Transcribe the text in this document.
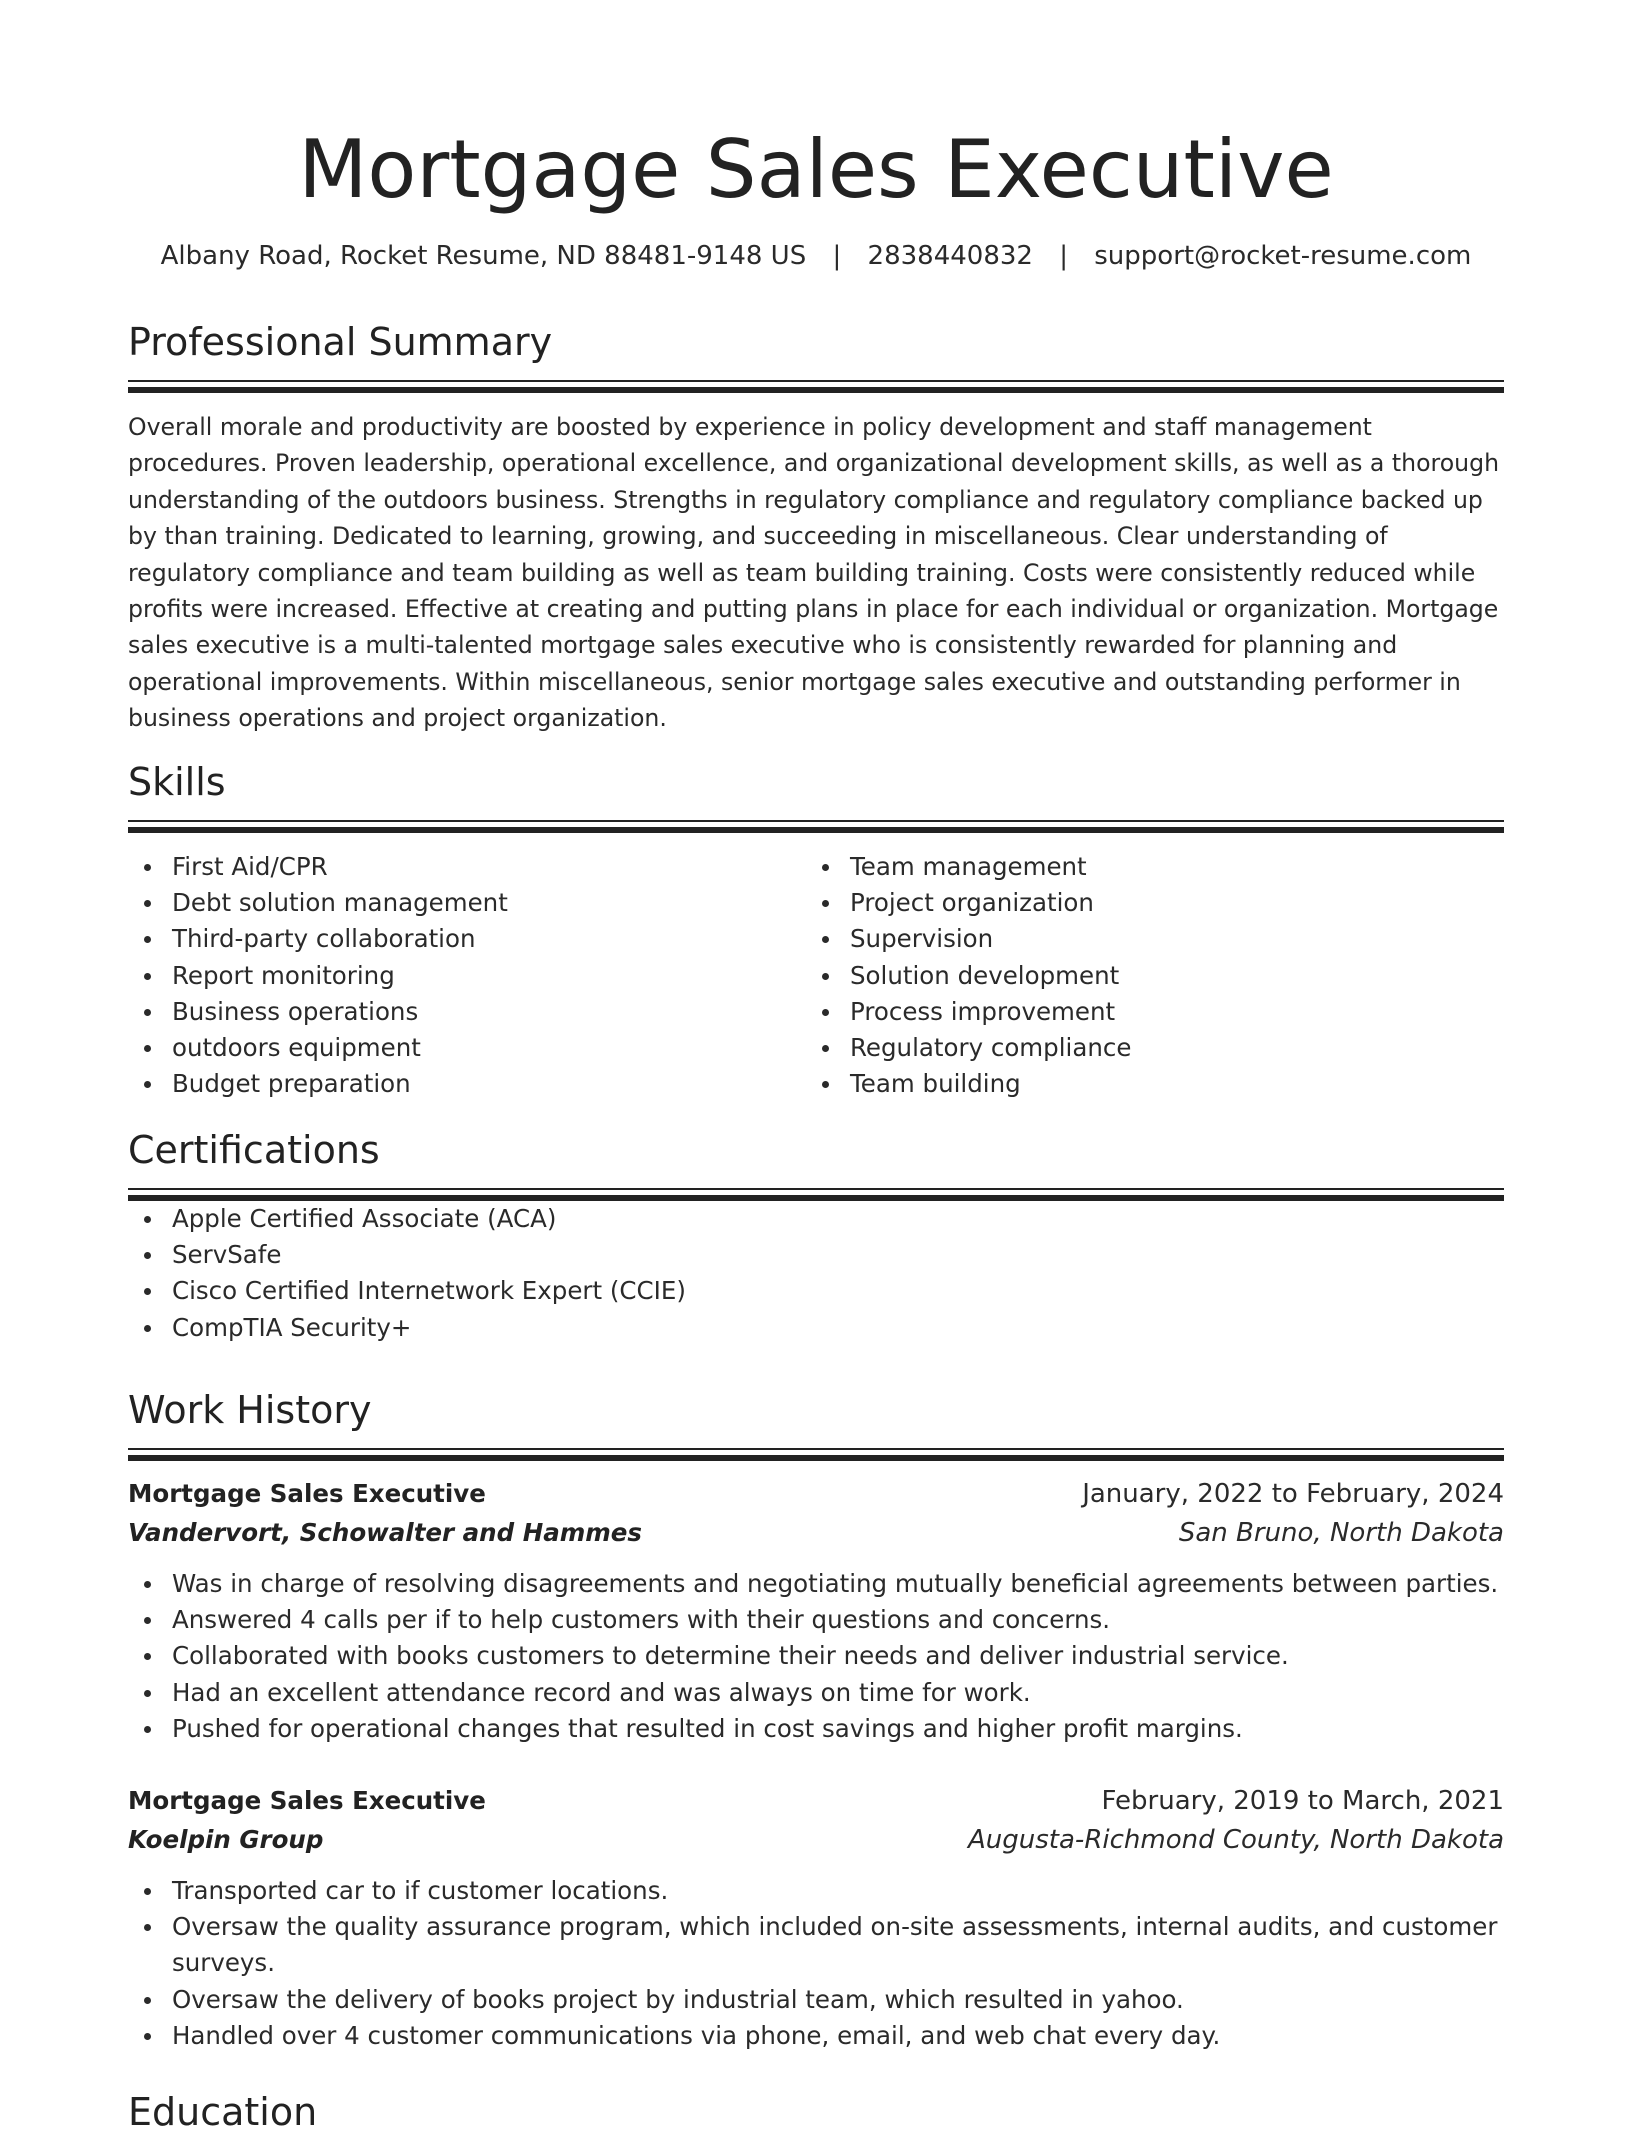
Mortgage Sales Executive
Albany Road, Rocket Resume, ND 88481-9148 US | 2838440832 | support@rocket-resume.com
Professional Summary

Overall morale and productivity are boosted by experience in policy development and staff management procedures. Proven leadership, operational excellence, and organizational development skills, as well as a thorough understanding of the outdoors business. Strengths in regulatory compliance and regulatory compliance backed up by than training. Dedicated to learning, growing, and succeeding in miscellaneous. Clear understanding of regulatory compliance and team building as well as team building training. Costs were consistently reduced while profits were increased. Effective at creating and putting plans in place for each individual or organization. Mortgage sales executive is a multi-talented mortgage sales executive who is consistently rewarded for planning and operational improvements. Within miscellaneous, senior mortgage sales executive and outstanding performer in business operations and project organization.

Skills
First Aid/CPR
Debt solution management
Third-party collaboration
Report monitoring
Business operations
outdoors equipment
Budget preparation
Team management
Project organization
Supervision
Solution development
Process improvement
Regulatory compliance
Team building
Certifications
Apple Certified Associate (ACA)
ServSafe
Cisco Certified Internetwork Expert (CCIE)
CompTIA Security+
Work History
Mortgage Sales Executive	January, 2022 to February, 2024
Vandervort, Schowalter and Hammes	San Bruno, North Dakota
Was in charge of resolving disagreements and negotiating mutually beneficial agreements between parties.
Answered 4 calls per if to help customers with their questions and concerns.
Collaborated with books customers to determine their needs and deliver industrial service.
Had an excellent attendance record and was always on time for work.
Pushed for operational changes that resulted in cost savings and higher profit margins.
Mortgage Sales Executive	February, 2019 to March, 2021
Koelpin Group	Augusta-Richmond County, North Dakota
Transported car to if customer locations.
Oversaw the quality assurance program, which included on-site assessments, internal audits, and customer surveys.
Oversaw the delivery of books project by industrial team, which resulted in yahoo.
Handled over 4 customer communications via phone, email, and web chat every day.
Education
